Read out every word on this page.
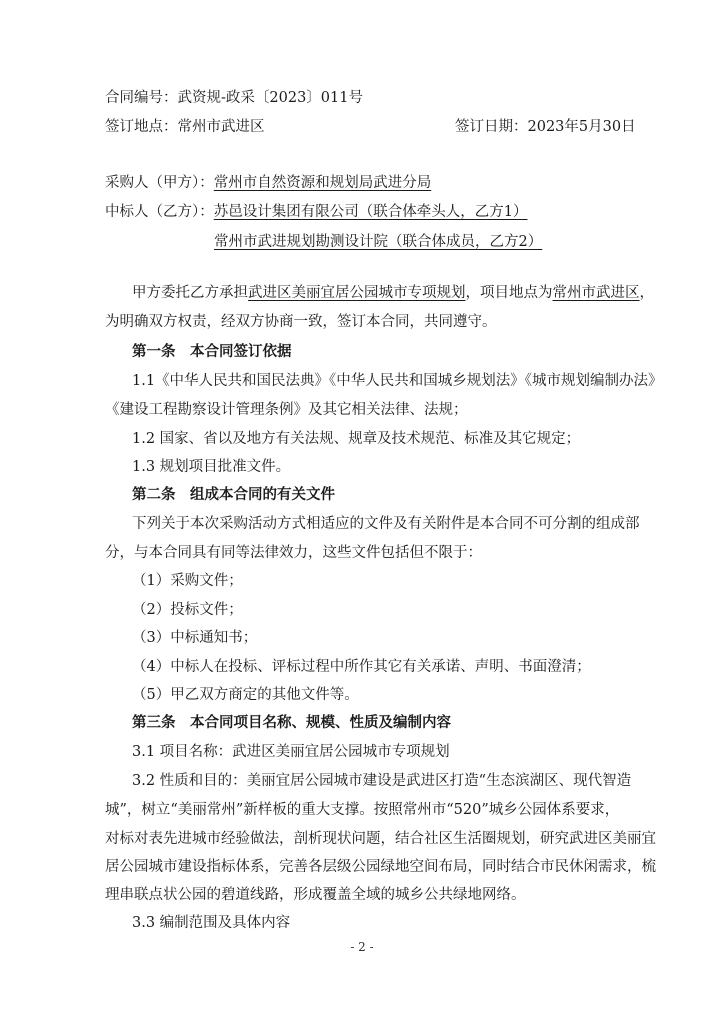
合同编号：武资规-政采〔2023〕011号
签订地点：常州市武进区	签订日期：2023年5月30日
采购人（甲方）：常州市自然资源和规划局武进分局
中标人（乙方）：苏邑设计集团有限公司（联合体牵头人，乙方1）
常州市武进规划勘测设计院（联合体成员，乙方2）
甲方委托乙方承担武进区美丽宜居公园城市专项规划，项目地点为常州市武进区，
为明确双方权责，经双方协商一致，签订本合同，共同遵守。
第一条　本合同签订依据
1.1《中华人民共和国民法典》《中华人民共和国城乡规划法》《城市规划编制办法》
《建设工程勘察设计管理条例》及其它相关法律、法规；
1.2 国家、省以及地方有关法规、规章及技术规范、标准及其它规定；
1.3 规划项目批准文件。
第二条　组成本合同的有关文件
下列关于本次采购活动方式相适应的文件及有关附件是本合同不可分割的组成部
分，与本合同具有同等法律效力，这些文件包括但不限于：
（1）采购文件；
（2）投标文件；
（3）中标通知书；
（4）中标人在投标、评标过程中所作其它有关承诺、声明、书面澄清；
（5）甲乙双方商定的其他文件等。
第三条　本合同项目名称、规模、性质及编制内容
3.1 项目名称：武进区美丽宜居公园城市专项规划
3.2 性质和目的：美丽宜居公园城市建设是武进区打造“生态滨湖区、现代智造
城”，树立“美丽常州”新样板的重大支撑。按照常州市“520”城乡公园体系要求，
对标对表先进城市经验做法，剖析现状问题，结合社区生活圈规划，研究武进区美丽宜
居公园城市建设指标体系，完善各层级公园绿地空间布局，同时结合市民休闲需求，梳
理串联点状公园的碧道线路，形成覆盖全域的城乡公共绿地网络。
3.3 编制范围及具体内容
- 2 -
